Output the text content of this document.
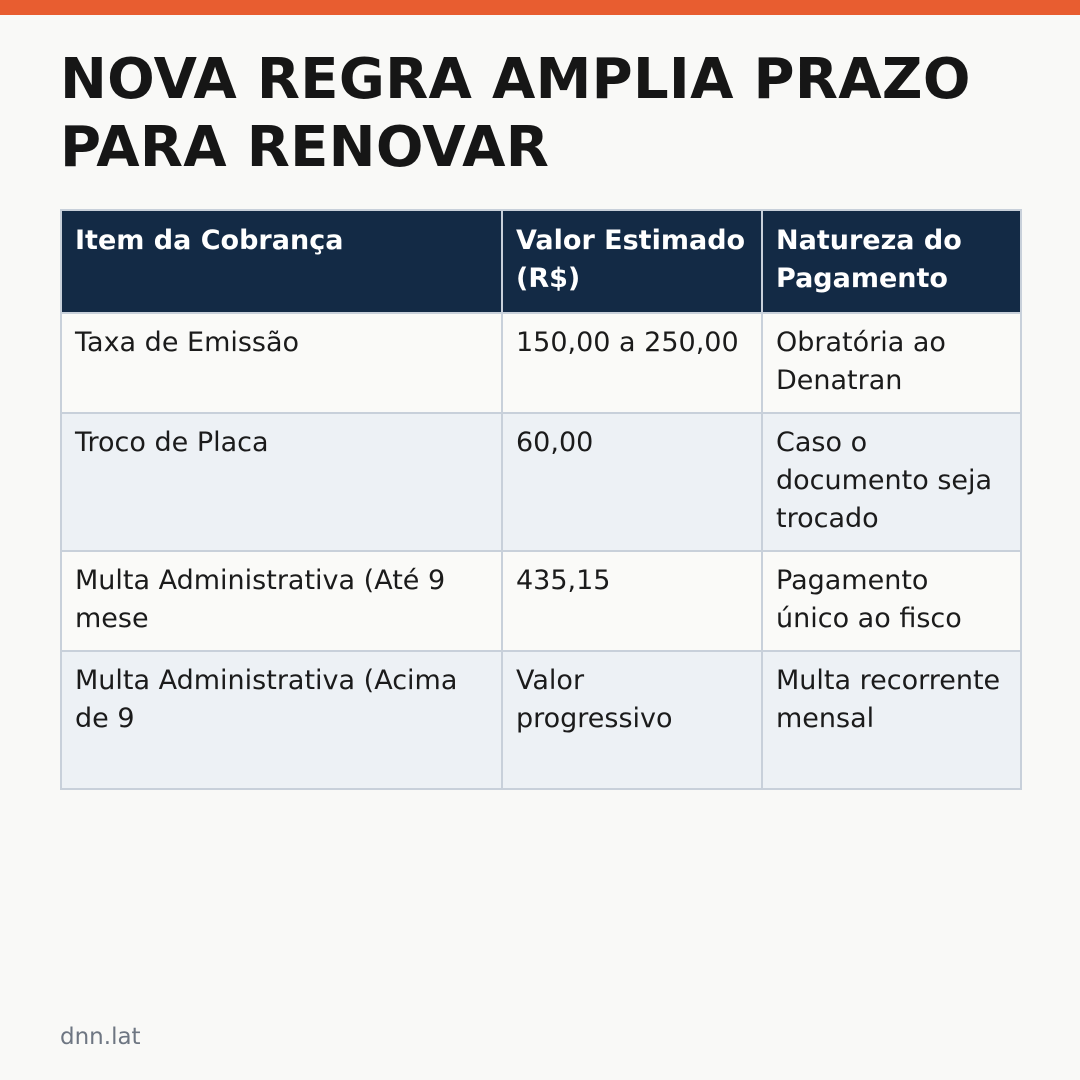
NOVA REGRA AMPLIA PRAZO PARA RENOVAR
Item da Cobrança	Valor Estimado (R$)	Natureza do Pagamento
Taxa de Emissão	150,00 a 250,00	Obratória ao Denatran
Troco de Placa	60,00	Caso o documento seja trocado
Multa Administrativa (Até 9 mese	435,15	Pagamento único ao fisco
Multa Administrativa (Acima de 9	Valor progressivo	Multa recorrente mensal
dnn.lat
